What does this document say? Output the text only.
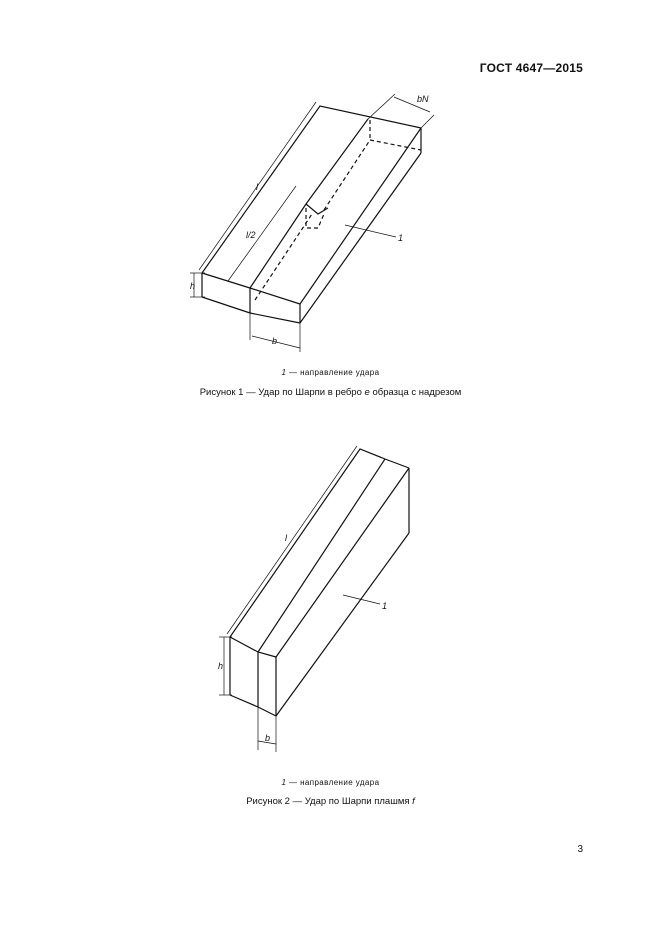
ГОСТ 4647—2015
l
l/2
h
b
bN
1
1 — направление удара
Рисунок 1 — Удар по Шарпи в ребро e образца с надрезом
l
h
b
1
1 — направление удара
Рисунок 2 — Удар по Шарпи плашмя f
3
